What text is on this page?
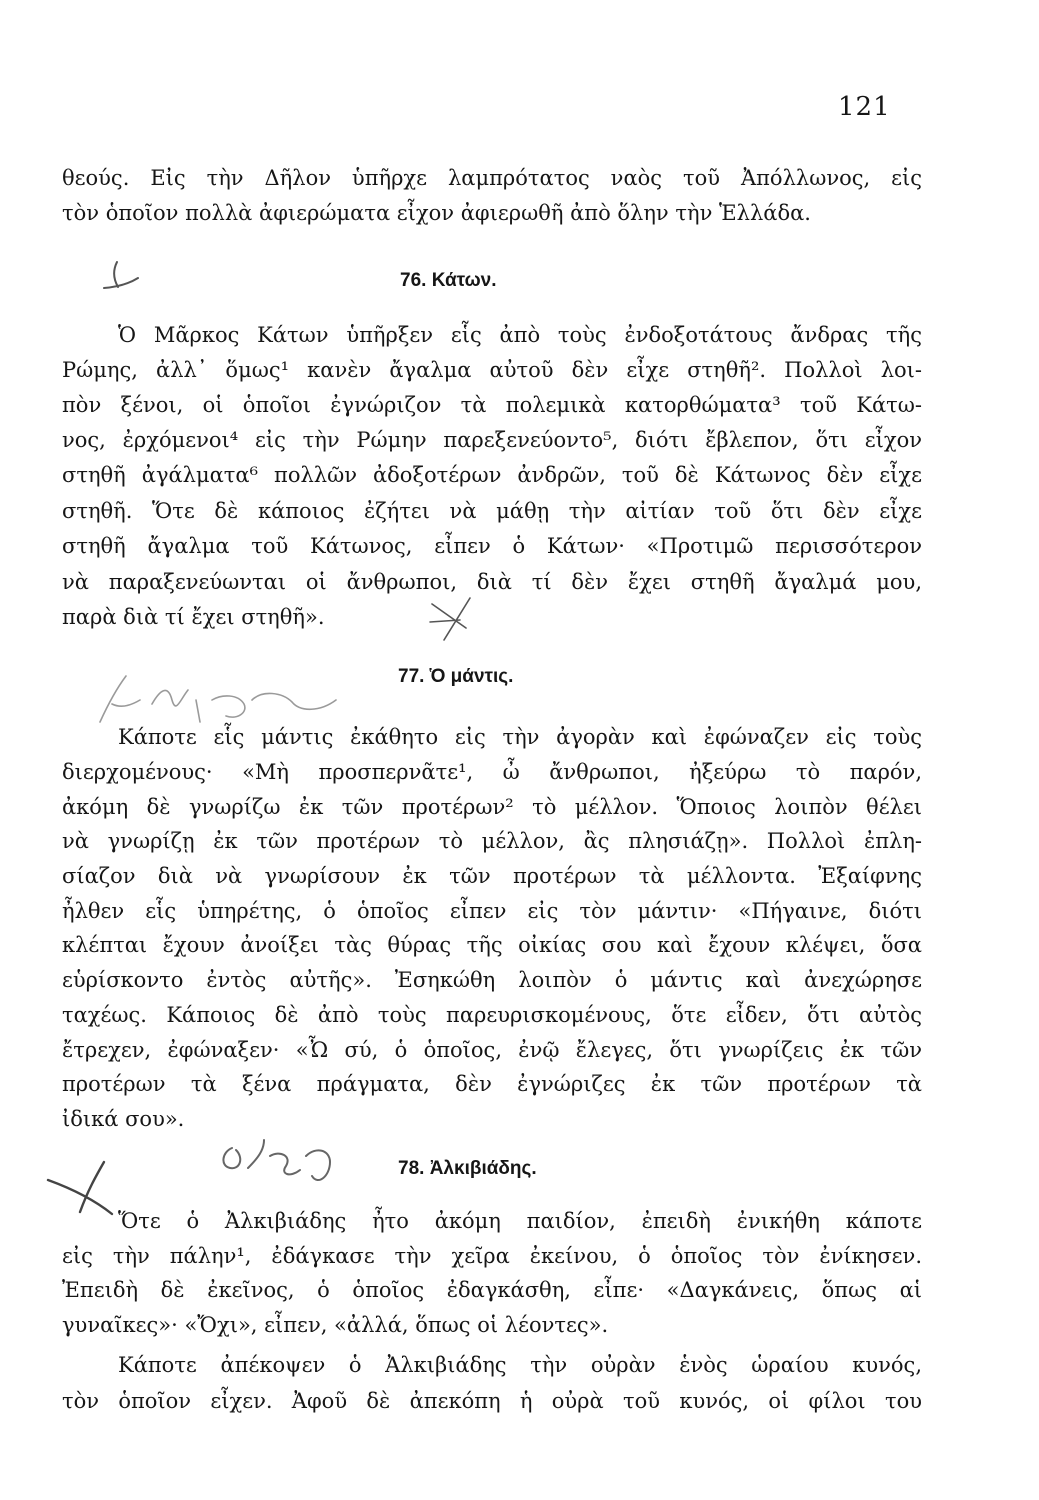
121
θεούς. Εἰς τὴν Δῆλον ὑπῆρχε λαμπρότατος ναὸς τοῦ Ἀπόλλωνος, εἰς
τὸν ὁποῖον πολλὰ ἀφιερώματα εἶχον ἀφιερωθῆ ἀπὸ ὅλην τὴν Ἑλλάδα.
76. Κάτων.
Ὁ Μᾶρκος Κάτων ὑπῆρξεν εἷς ἀπὸ τοὺς ἐνδοξοτάτους ἄνδρας τῆς
Ρώμης, ἀλλ᾿ ὅμως¹ κανὲν ἄγαλμα αὐτοῦ δὲν εἶχε στηθῆ². Πολλοὶ λοι-
πὸν ξένοι, οἱ ὁποῖοι ἐγνώριζον τὰ πολεμικὰ κατορθώματα³ τοῦ Κάτω-
νος, ἐρχόμενοι⁴ εἰς τὴν Ρώμην παρεξενεύοντο⁵, διότι ἔβλεπον, ὅτι εἶχον
στηθῆ ἀγάλματα⁶ πολλῶν ἀδοξοτέρων ἀνδρῶν, τοῦ δὲ Κάτωνος δὲν εἶχε
στηθῆ. Ὅτε δὲ κάποιος ἐζήτει νὰ μάθῃ τὴν αἰτίαν τοῦ ὅτι δὲν εἶχε
στηθῆ ἄγαλμα τοῦ Κάτωνος, εἶπεν ὁ Κάτων· «Προτιμῶ περισσότερον
νὰ παραξενεύωνται οἱ ἄνθρωποι, διὰ τί δὲν ἔχει στηθῆ ἄγαλμά μου,
παρὰ διὰ τί ἔχει στηθῆ».
77. Ὁ μάντις.
Κάποτε εἷς μάντις ἐκάθητο εἰς τὴν ἀγορὰν καὶ ἐφώναζεν εἰς τοὺς
διερχομένους· «Μὴ προσπερνᾶτε¹, ὦ ἄνθρωποι, ἠξεύρω τὸ παρόν,
ἀκόμη δὲ γνωρίζω ἐκ τῶν προτέρων² τὸ μέλλον. Ὅποιος λοιπὸν θέλει
νὰ γνωρίζῃ ἐκ τῶν προτέρων τὸ μέλλον, ἂς πλησιάζῃ». Πολλοὶ ἐπλη-
σίαζον διὰ νὰ γνωρίσουν ἐκ τῶν προτέρων τὰ μέλλοντα. Ἐξαίφνης
ἦλθεν εἷς ὑπηρέτης, ὁ ὁποῖος εἶπεν εἰς τὸν μάντιν· «Πήγαινε, διότι
κλέπται ἔχουν ἀνοίξει τὰς θύρας τῆς οἰκίας σου καὶ ἔχουν κλέψει, ὅσα
εὑρίσκοντο ἐντὸς αὐτῆς». Ἐσηκώθη λοιπὸν ὁ μάντις καὶ ἀνεχώρησε
ταχέως. Κάποιος δὲ ἀπὸ τοὺς παρευρισκομένους, ὅτε εἶδεν, ὅτι αὐτὸς
ἔτρεχεν, ἐφώναξεν· «Ὦ σύ, ὁ ὁποῖος, ἐνῷ ἔλεγες, ὅτι γνωρίζεις ἐκ τῶν
προτέρων τὰ ξένα πράγματα, δὲν ἐγνώριζες ἐκ τῶν προτέρων τὰ
ἰδικά σου».
78. Ἀλκιβιάδης.
Ὅτε ὁ Ἀλκιβιάδης ἦτο ἀκόμη παιδίον, ἐπειδὴ ἐνικήθη κάποτε
εἰς τὴν πάλην¹, ἐδάγκασε τὴν χεῖρα ἐκείνου, ὁ ὁποῖος τὸν ἐνίκησεν.
Ἐπειδὴ δὲ ἐκεῖνος, ὁ ὁποῖος ἐδαγκάσθη, εἶπε· «Δαγκάνεις, ὅπως αἱ
γυναῖκες»· «Ὄχι», εἶπεν, «ἀλλά, ὅπως οἱ λέοντες».
Κάποτε ἀπέκοψεν ὁ Ἀλκιβιάδης τὴν οὐρὰν ἑνὸς ὡραίου κυνός,
τὸν ὁποῖον εἶχεν. Ἀφοῦ δὲ ἀπεκόπη ἡ οὐρὰ τοῦ κυνός, οἱ φίλοι του
